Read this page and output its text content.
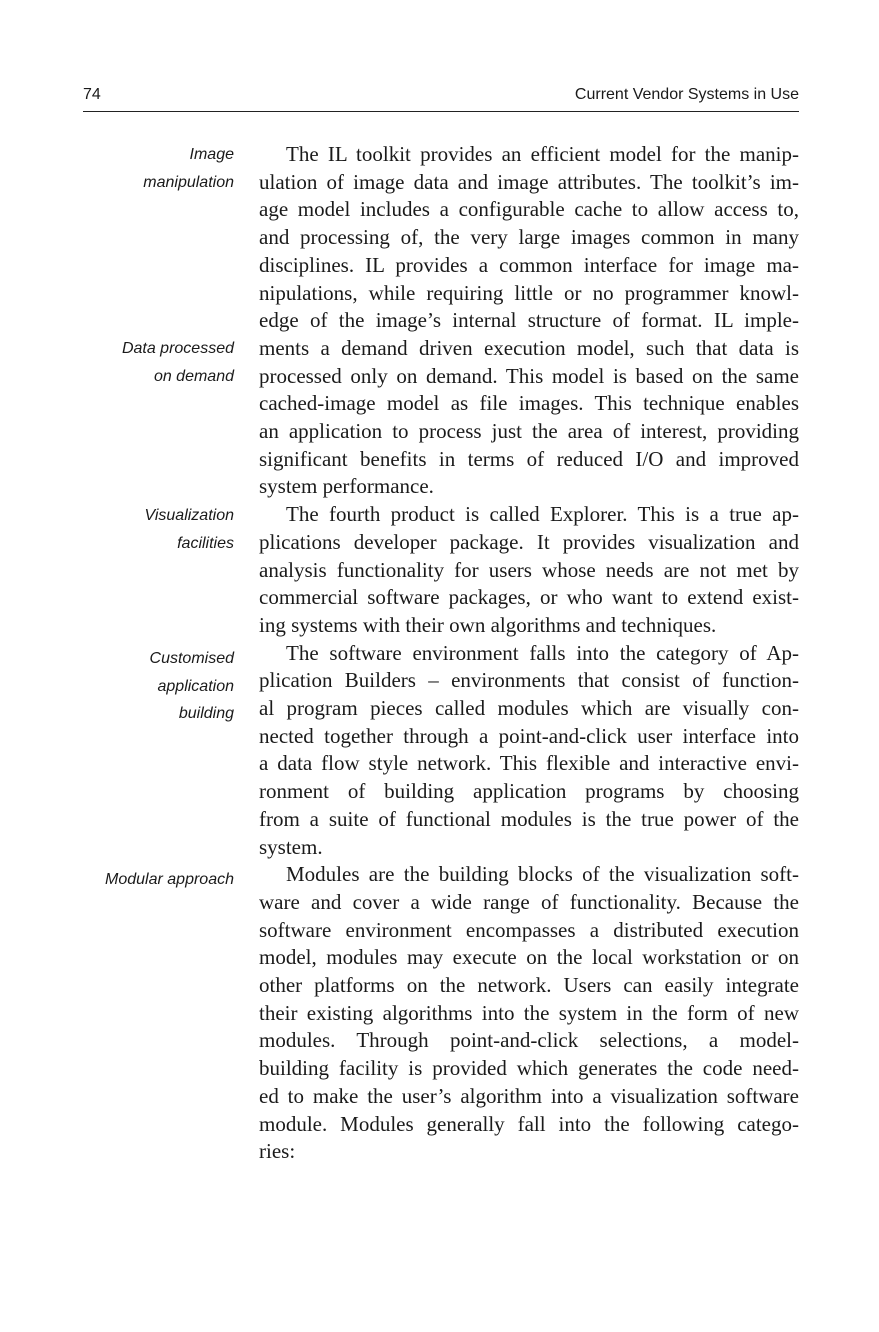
74	Current Vendor Systems in Use
Image
manipulation
Data processed
on demand
Visualization
facilities
Customised
application
building
Modular approach
The IL toolkit provides an efficient model for the manip-
ulation of image data and image attributes. The toolkit’s im-
age model includes a configurable cache to allow access to,
and processing of, the very large images common in many
disciplines. IL provides a common interface for image ma-
nipulations, while requiring little or no programmer knowl-
edge of the image’s internal structure of format. IL imple-
ments a demand driven execution model, such that data is
processed only on demand. This model is based on the same
cached-image model as file images. This technique enables
an application to process just the area of interest, providing
significant benefits in terms of reduced I/O and improved
system performance.
The fourth product is called Explorer. This is a true ap-
plications developer package. It provides visualization and
analysis functionality for users whose needs are not met by
commercial software packages, or who want to extend exist-
ing systems with their own algorithms and techniques.
The software environment falls into the category of Ap-
plication Builders – environments that consist of function-
al program pieces called modules which are visually con-
nected together through a point-and-click user interface into
a data flow style network. This flexible and interactive envi-
ronment of building application programs by choosing
from a suite of functional modules is the true power of the
system.
Modules are the building blocks of the visualization soft-
ware and cover a wide range of functionality. Because the
software environment encompasses a distributed execution
model, modules may execute on the local workstation or on
other platforms on the network. Users can easily integrate
their existing algorithms into the system in the form of new
modules. Through point-and-click selections, a model-
building facility is provided which generates the code need-
ed to make the user’s algorithm into a visualization software
module. Modules generally fall into the following catego-
ries:
